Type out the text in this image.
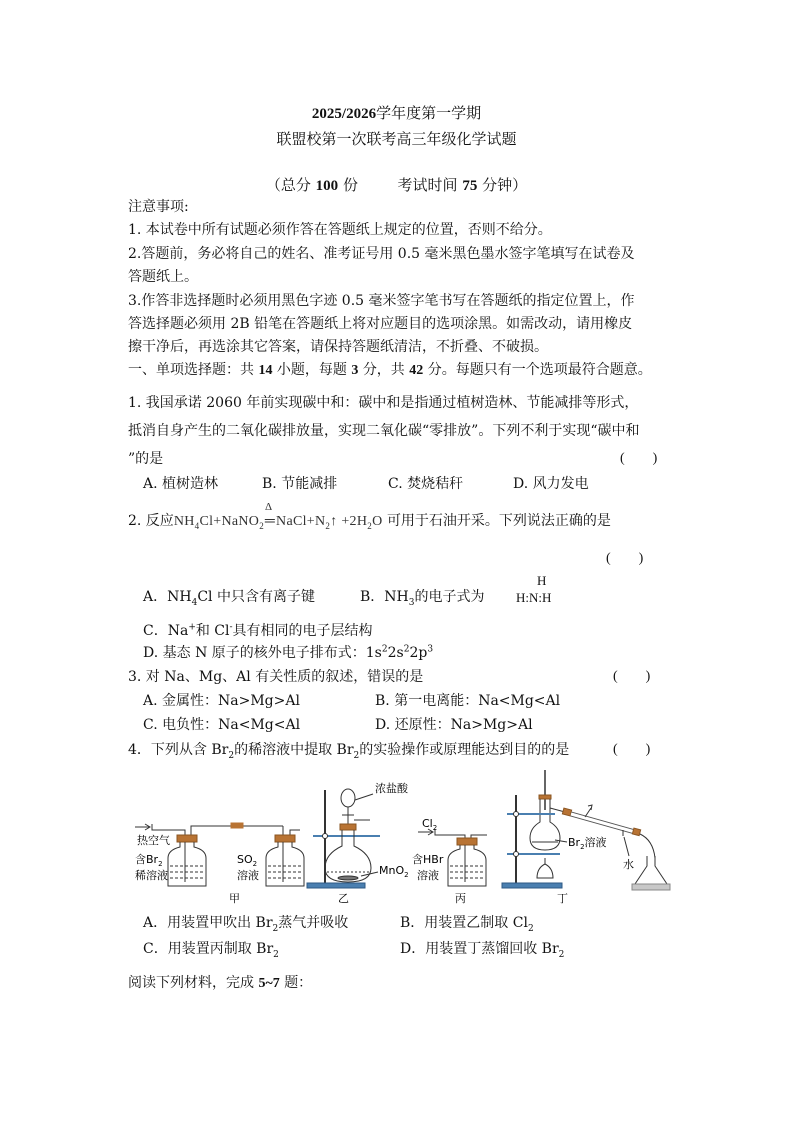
2025/2026学年度第一学期
联盟校第一次联考高三年级化学试题
（总分 100 份	考试时间 75 分钟）
注意事项:
1. 本试卷中所有试题必须作答在答题纸上规定的位置，否则不给分。
2.答题前，务必将自己的姓名、准考证号用 0.5 毫米黑色墨水签字笔填写在试卷及
答题纸上。
3.作答非选择题时必须用黑色字迹 0.5 毫米签字笔书写在答题纸的指定位置上，作
答选择题必须用 2B 铅笔在答题纸上将对应题目的选项涂黑。如需改动，请用橡皮
擦干净后，再选涂其它答案，请保持答题纸清洁，不折叠、不破损。
一、单项选择题：共 14 小题，每题 3 分，共 42 分。每题只有一个选项最符合题意。
1. 我国承诺 2060 年前实现碳中和：碳中和是指通过植树造林、节能减排等形式，
抵消自身产生的二氧化碳排放量，实现二氧化碳“零排放”。下列不利于实现“碳中和
”的是	(        )
A. 植树造林	B. 节能减排	C. 焚烧秸秆	D. 风力发电
2. 反应$NH_4Cl+NaNO_2$
Δ
$═NaCl+N_2↑ +2H_2O$ 可用于石油开采。下列说法正确的是
(        )
A．$NH_4Cl$ 中只含有离子键	B．$NH_3$的电子式为
H
H:N:H
C．Na+和 Cl-具有相同的电子层结构
D. 基态 N 原子的核外电子排布式：$1s^22s^22p^3$
3. 对 Na、Mg、Al 有关性质的叙述，错误的是	(        )
A. 金属性：Na>Mg>Al	B. 第一电离能：Na<Mg<Al
C. 电负性：Na<Mg<Al	D. 还原性：Na>Mg>Al
4．下列从含 $Br_2$的稀溶液中提取 $Br_2$的实验操作或原理能达到目的的是	(        )
热空气
含$Br_2$
稀溶液
$SO_2$
溶液
甲
浓盐酸
MnO$_2$
乙
$Cl_2$
含HBr
溶液
丙
$Br_2$溶液
水
丁
A．用装置甲吹出 $Br_2$蒸气并吸收	B．用装置乙制取 $Cl_2$
C．用装置丙制取 $Br_2$	D．用装置丁蒸馏回收 $Br_2$
阅读下列材料，完成 5~7 题：
